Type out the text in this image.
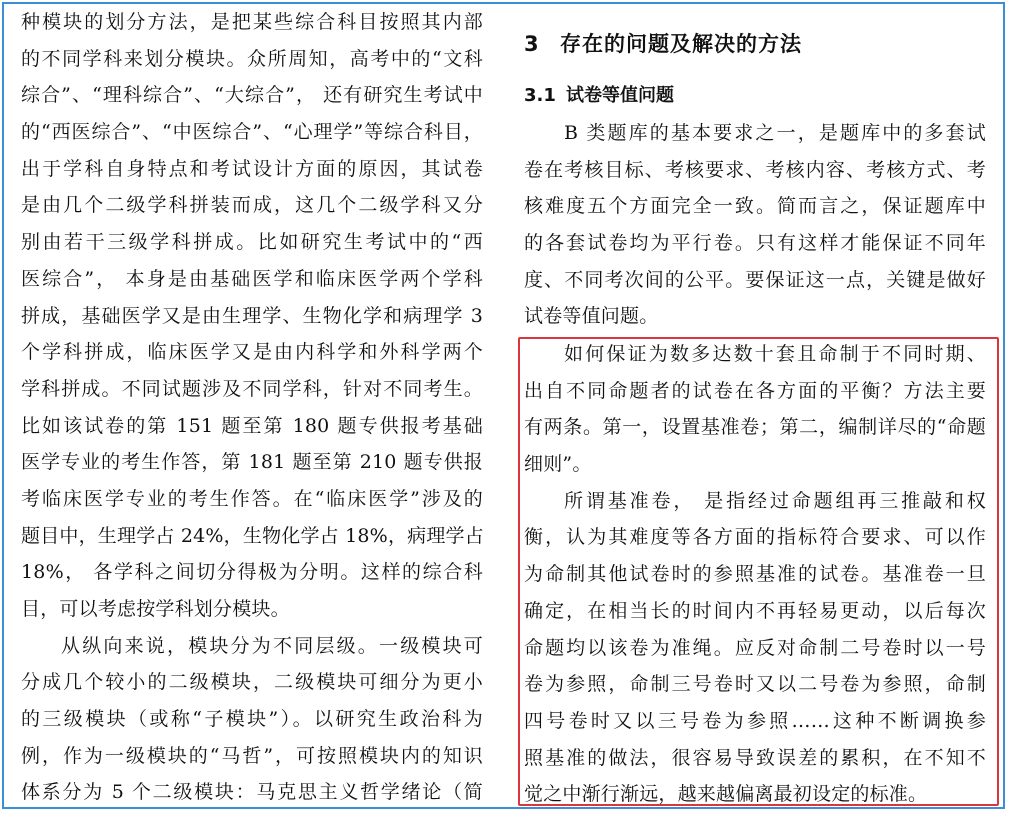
种模块的划分方法，是把某些综合科目按照其内部
的不同学科来划分模块。众所周知，高考中的“文科
综合”、“理科综合”、“大综合”， 还有研究生考试中
的“西医综合”、“中医综合”、“心理学”等综合科目，
出于学科自身特点和考试设计方面的原因，其试卷
是由几个二级学科拼装而成，这几个二级学科又分
别由若干三级学科拼成。比如研究生考试中的“西
医综合”， 本身是由基础医学和临床医学两个学科
拼成，基础医学又是由生理学、生物化学和病理学 3
个学科拼成，临床医学又是由内科学和外科学两个
学科拼成。不同试题涉及不同学科，针对不同考生。
比如该试卷的第 151 题至第 180 题专供报考基础
医学专业的考生作答，第 181 题至第 210 题专供报
考临床医学专业的考生作答。在“临床医学”涉及的
题目中，生理学占 24%，生物化学占 18%，病理学占
18%， 各学科之间切分得极为分明。这样的综合科
目，可以考虑按学科划分模块。
从纵向来说，模块分为不同层级。一级模块可
分成几个较小的二级模块，二级模块可细分为更小
的三级模块（或称“子模块”）。以研究生政治科为
例，作为一级模块的“马哲”，可按照模块内的知识
体系分为 5 个二级模块：马克思主义哲学绪论（简
3 存在的问题及解决的方法
3.1 试卷等值问题
B 类题库的基本要求之一，是题库中的多套试
卷在考核目标、考核要求、考核内容、考核方式、考
核难度五个方面完全一致。简而言之，保证题库中
的各套试卷均为平行卷。只有这样才能保证不同年
度、不同考次间的公平。要保证这一点，关键是做好
试卷等值问题。
如何保证为数多达数十套且命制于不同时期、
出自不同命题者的试卷在各方面的平衡？方法主要
有两条。第一，设置基准卷；第二，编制详尽的“命题
细则”。
所谓基准卷， 是指经过命题组再三推敲和权
衡，认为其难度等各方面的指标符合要求、可以作
为命制其他试卷时的参照基准的试卷。基准卷一旦
确定，在相当长的时间内不再轻易更动，以后每次
命题均以该卷为准绳。应反对命制二号卷时以一号
卷为参照，命制三号卷时又以二号卷为参照，命制
四号卷时又以三号卷为参照……这种不断调换参
照基准的做法，很容易导致误差的累积，在不知不
觉之中渐行渐远，越来越偏离最初设定的标准。
